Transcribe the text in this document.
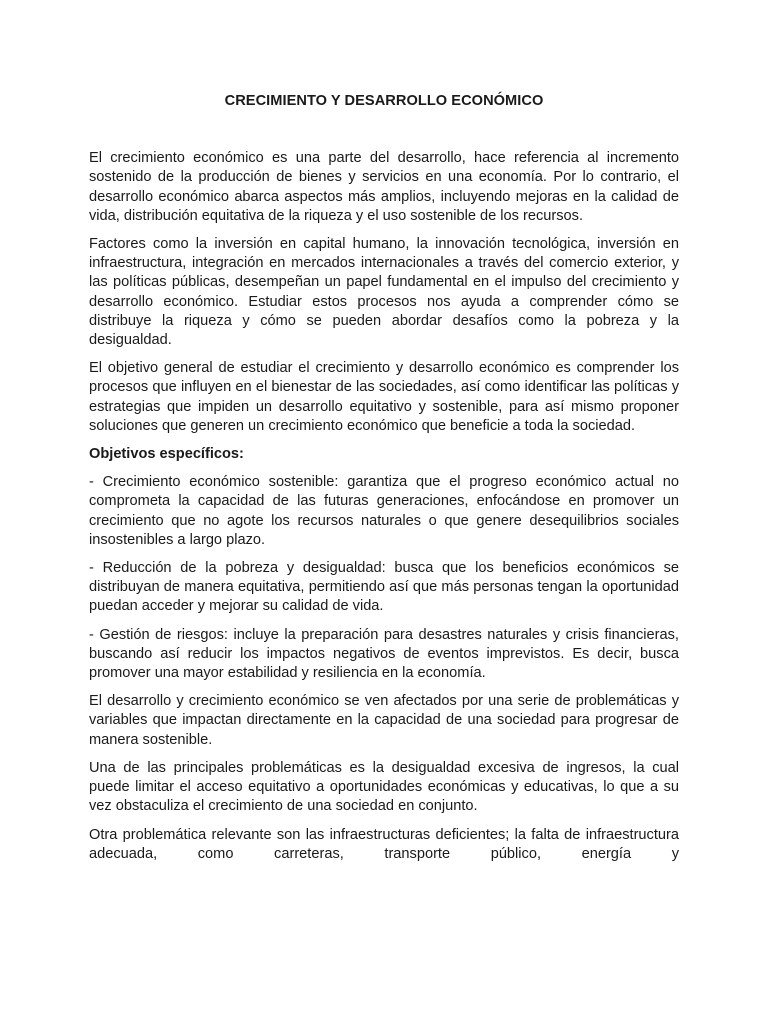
CRECIMIENTO Y DESARROLLO ECONÓMICO

El crecimiento económico es una parte del desarrollo, hace referencia al incremento sostenido de la producción de bienes y servicios en una economía. Por lo contrario, el desarrollo económico abarca aspectos más amplios, incluyendo mejoras en la calidad de vida, distribución equitativa de la riqueza y el uso sostenible de los recursos.

Factores como la inversión en capital humano, la innovación tecnológica, inversión en infraestructura, integración en mercados internacionales a través del comercio exterior, y las políticas públicas, desempeñan un papel fundamental en el impulso del crecimiento y desarrollo económico. Estudiar estos procesos nos ayuda a comprender cómo se distribuye la riqueza y cómo se pueden abordar desafíos como la pobreza y la desigualdad.

El objetivo general de estudiar el crecimiento y desarrollo económico es comprender los procesos que influyen en el bienestar de las sociedades, así como identificar las políticas y estrategias que impiden un desarrollo equitativo y sostenible, para así mismo proponer soluciones que generen un crecimiento económico que beneficie a toda la sociedad.

Objetivos específicos:

- Crecimiento económico sostenible: garantiza que el progreso económico actual no comprometa la capacidad de las futuras generaciones, enfocándose en promover un crecimiento que no agote los recursos naturales o que genere desequilibrios sociales insostenibles a largo plazo.

- Reducción de la pobreza y desigualdad: busca que los beneficios económicos se distribuyan de manera equitativa, permitiendo así que más personas tengan la oportunidad puedan acceder y mejorar su calidad de vida.

- Gestión de riesgos: incluye la preparación para desastres naturales y crisis financieras, buscando así reducir los impactos negativos de eventos imprevistos. Es decir, busca promover una mayor estabilidad y resiliencia en la economía.

El desarrollo y crecimiento económico se ven afectados por una serie de problemáticas y variables que impactan directamente en la capacidad de una sociedad para progresar de manera sostenible.

Una de las principales problemáticas es la desigualdad excesiva de ingresos, la cual puede limitar el acceso equitativo a oportunidades económicas y educativas, lo que a su vez obstaculiza el crecimiento de una sociedad en conjunto.

Otra problemática relevante son las infraestructuras deficientes; la falta de infraestructura adecuada, como carreteras, transporte público, energía y
